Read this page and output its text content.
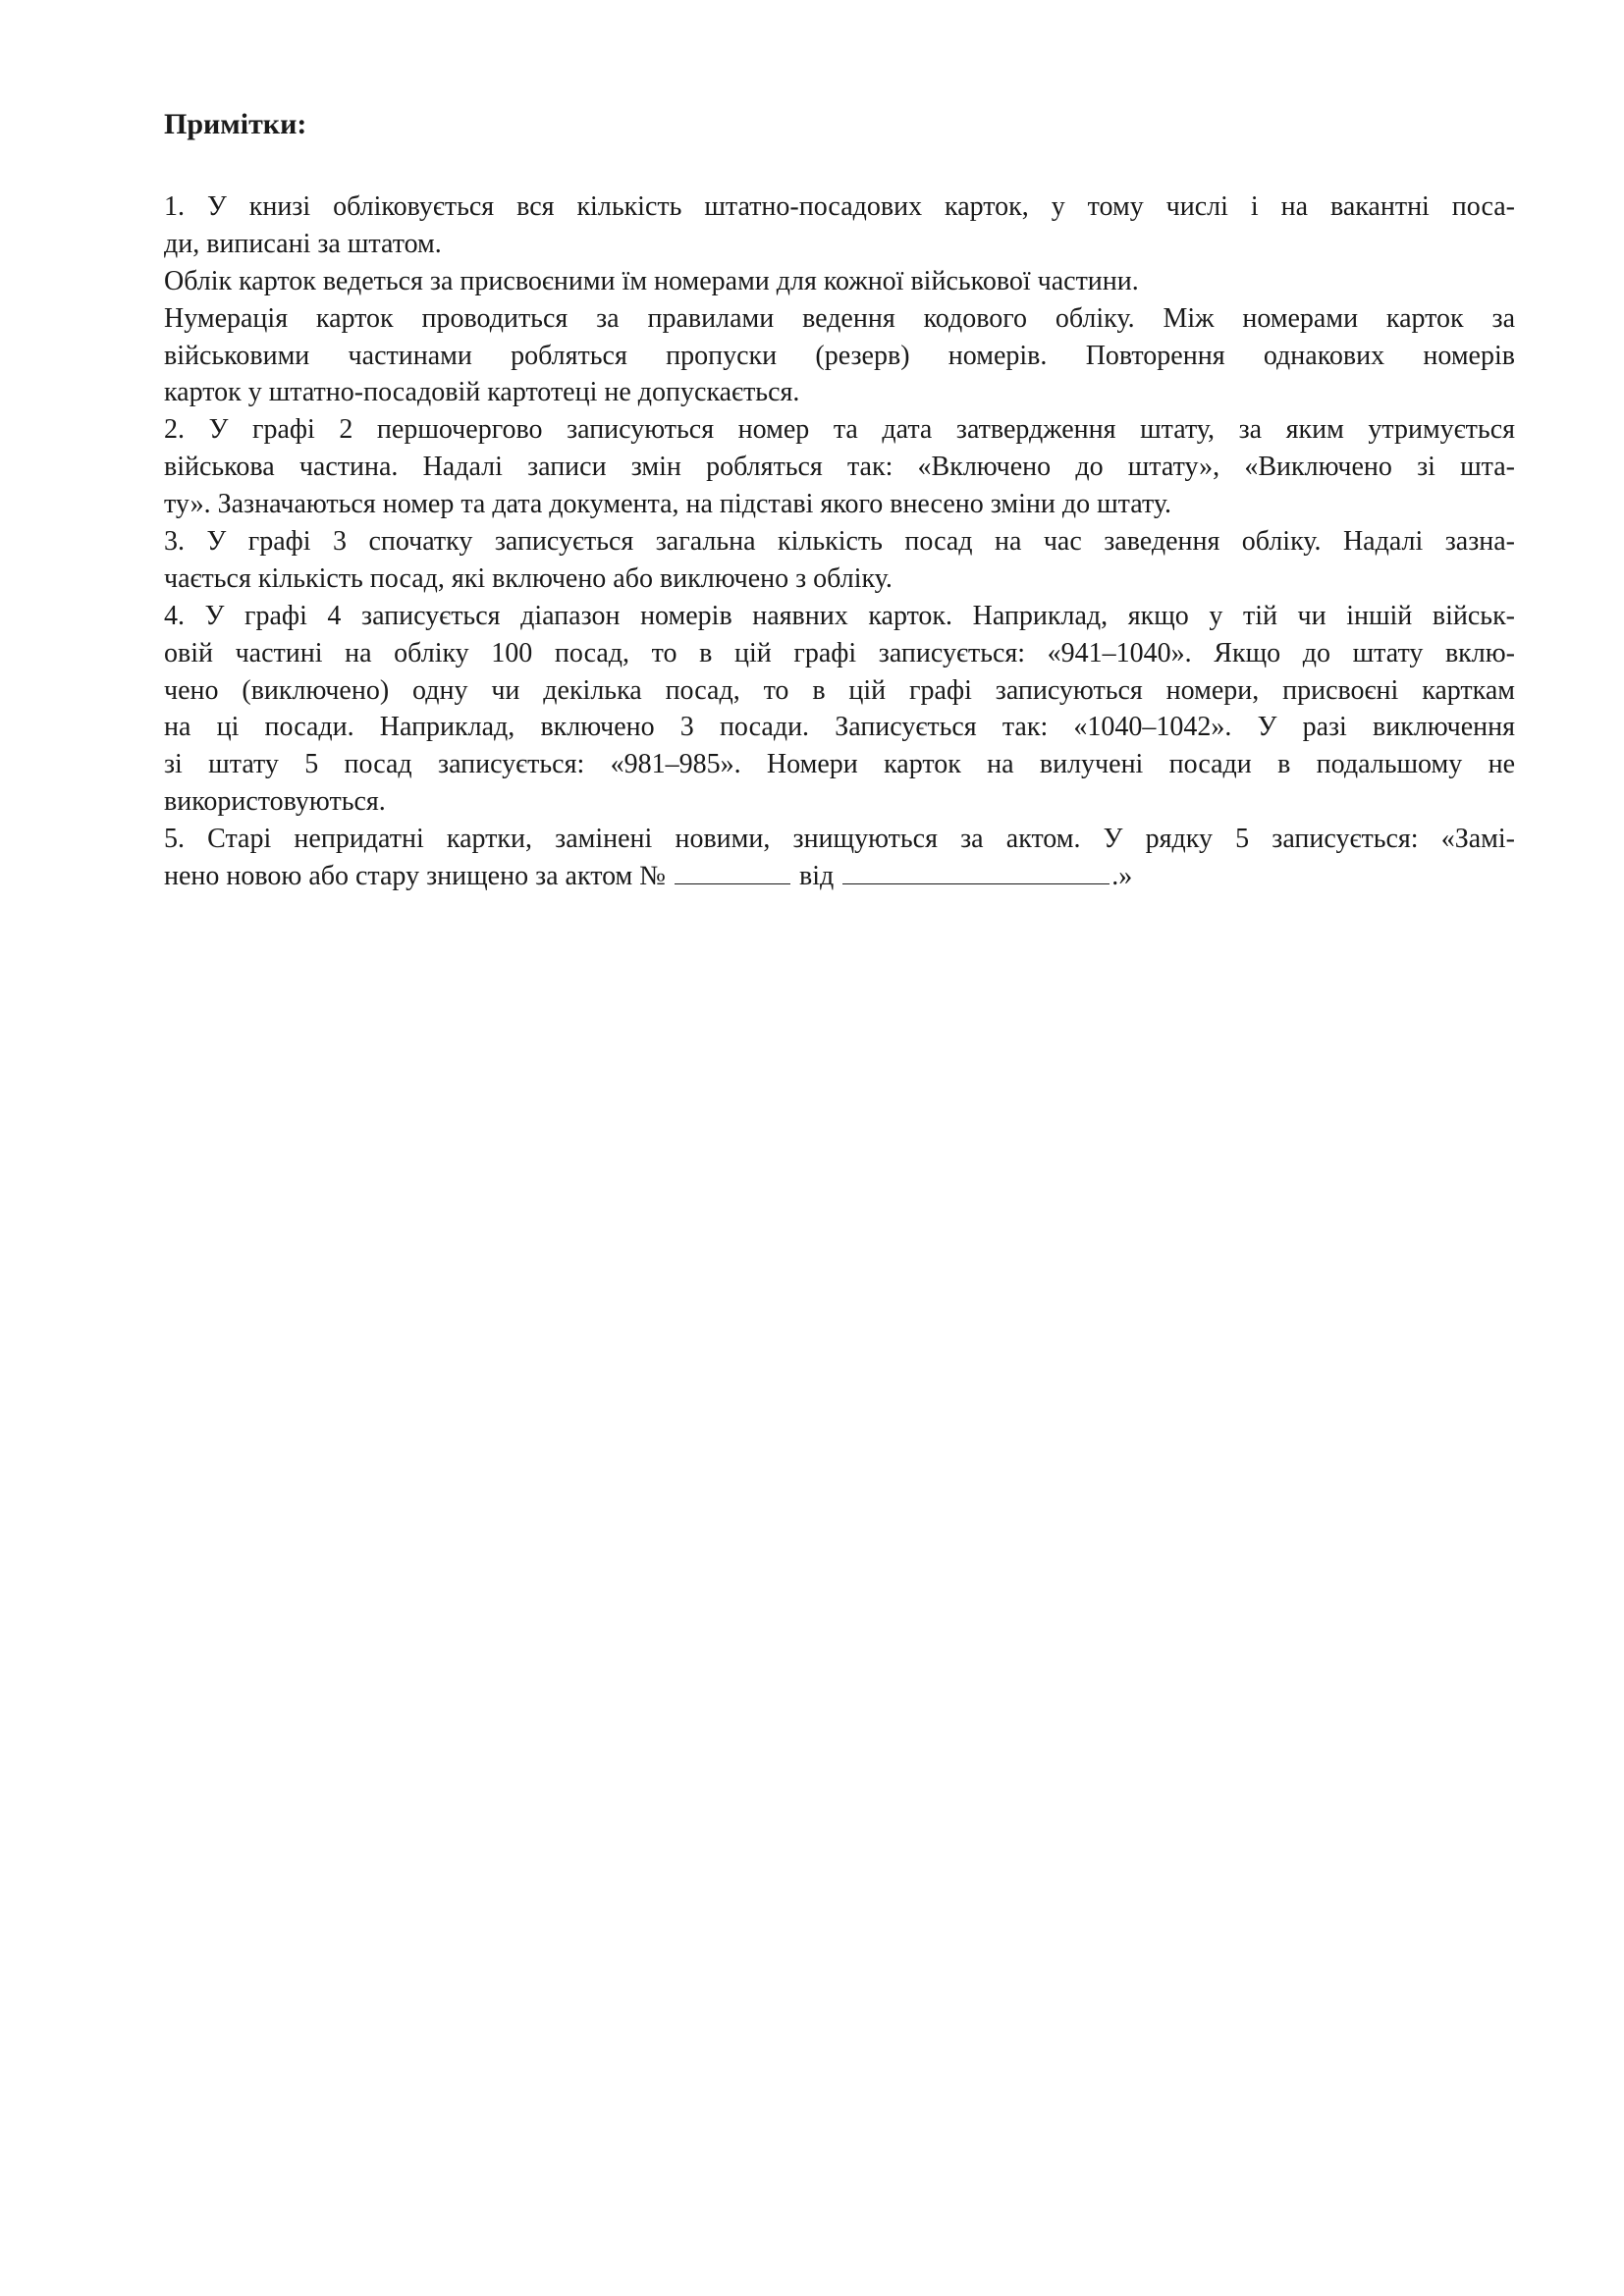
Примітки:
1. У книзі обліковується вся кількість штатно-посадових карток, у тому числі і на вакантні поса-
ди, виписані за штатом.
Облік карток ведеться за присвоєними їм номерами для кожної військової частини.
Нумерація карток проводиться за правилами ведення кодового обліку. Між номерами карток за
військовими частинами робляться пропуски (резерв) номерів. Повторення однакових номерів
карток у штатно-посадовій картотеці не допускається.
2. У графі 2 першочергово записуються номер та дата затвердження штату, за яким утримується
військова частина. Надалі записи змін робляться так: «Включено до штату», «Виключено зі шта-
ту». Зазначаються номер та дата документа, на підставі якого внесено зміни до штату.
3. У графі 3 спочатку записується загальна кількість посад на час заведення обліку. Надалі зазна-
чається кількість посад, які включено або виключено з обліку.
4. У графі 4 записується діапазон номерів наявних карток. Наприклад, якщо у тій чи іншій військ-
овій частині на обліку 100 посад, то в цій графі записується: «941–1040». Якщо до штату вклю-
чено (виключено) одну чи декілька посад, то в цій графі записуються номери, присвоєні карткам
на ці посади. Наприклад, включено 3 посади. Записується так: «1040–1042». У разі виключення
зі штату 5 посад записується: «981–985». Номери карток на вилучені посади в подальшому не
використовуються.
5. Старі непридатні картки, замінені новими, знищуються за актом. У рядку 5 записується: «Замі-
нено новою або стару знищено за актом №	від	.»
